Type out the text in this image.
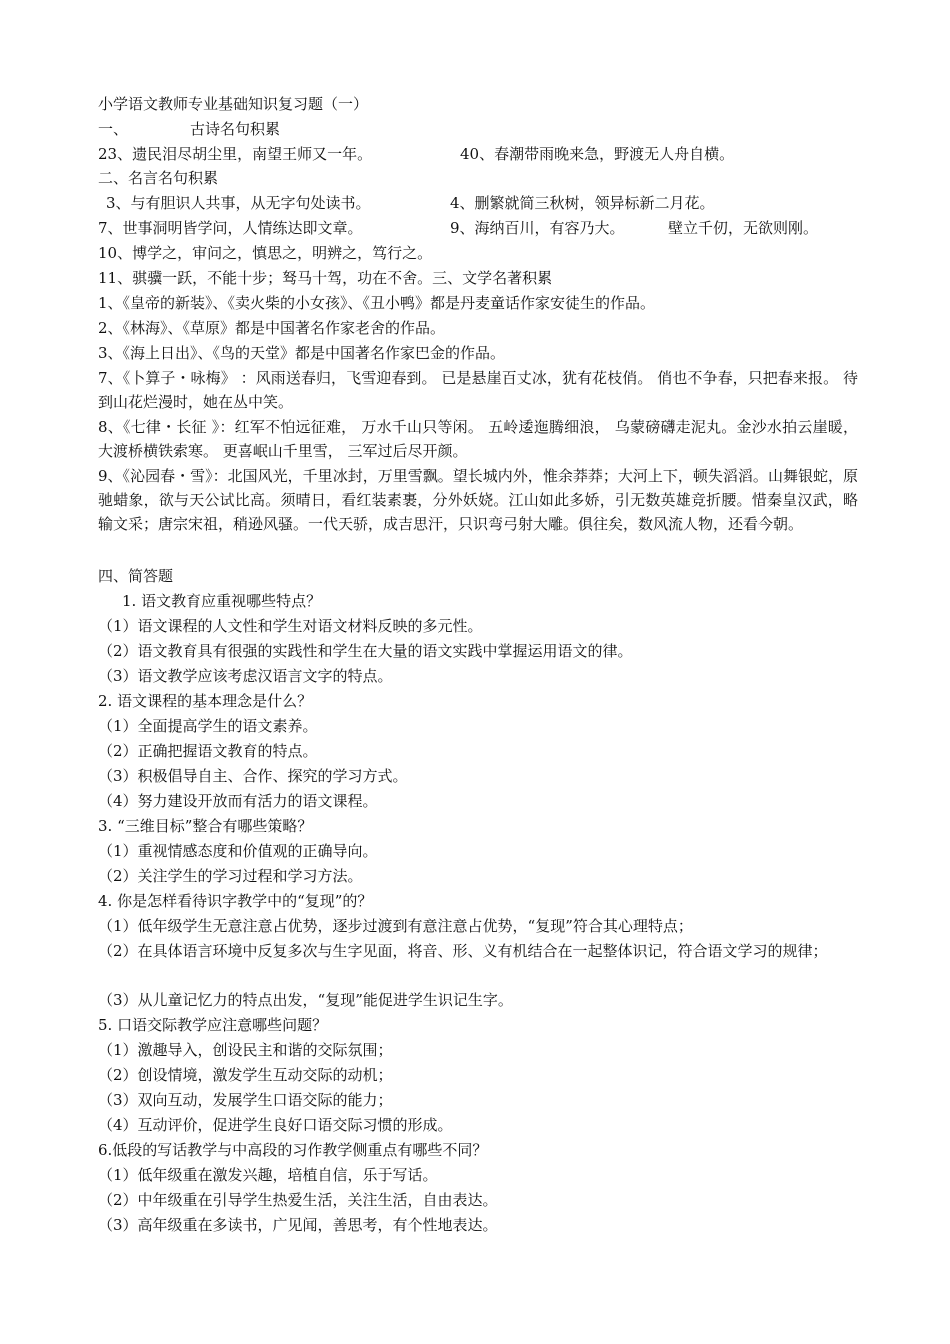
小学语文教师专业基础知识复习题（一）
一、	古诗名句积累
23、遗民泪尽胡尘里，南望王师又一年。	40、春潮带雨晚来急，野渡无人舟自横。
二、名言名句积累
3、与有胆识人共事，从无字句处读书。	4、删繁就简三秋树，领异标新二月花。
7、世事洞明皆学问，人情练达即文章。	9、海纳百川，有容乃大。	壁立千仞，无欲则刚。
10、博学之，审问之，慎思之，明辨之，笃行之。
11、骐骥一跃，不能十步；驽马十驾，功在不舍。三、文学名著积累
1、《皇帝的新装》、《卖火柴的小女孩》、《丑小鸭》都是丹麦童话作家安徒生的作品。
2、《林海》、《草原》都是中国著名作家老舍的作品。
3、《海上日出》、《鸟的天堂》都是中国著名作家巴金的作品。
7、《卜算子・咏梅》 ：风雨送春归，飞雪迎春到。 已是悬崖百丈冰，犹有花枝俏。 俏也不争春，只把春来报。 待到山花烂漫时，她在丛中笑。
8、《七律・长征 》：红军不怕远征难， 万水千山只等闲。 五岭逶迤腾细浪， 乌蒙磅礴走泥丸。金沙水拍云崖暖， 大渡桥横铁索寒。 更喜岷山千里雪， 三军过后尽开颜。
9、《沁园春・雪》：北国风光，千里冰封，万里雪飘。望长城内外，惟余莽莽；大河上下，顿失滔滔。山舞银蛇，原驰蜡象，欲与天公试比高。须晴日，看红装素裹，分外妖娆。江山如此多娇，引无数英雄竞折腰。惜秦皇汉武，略输文采；唐宗宋祖，稍逊风骚。一代天骄，成吉思汗，只识弯弓射大雕。俱往矣，数风流人物，还看今朝。
四、简答题
1. 语文教育应重视哪些特点？
（1）语文课程的人文性和学生对语文材料反映的多元性。
（2）语文教育具有很强的实践性和学生在大量的语文实践中掌握运用语文的律。
（3）语文教学应该考虑汉语言文字的特点。
2. 语文课程的基本理念是什么？
（1）全面提高学生的语文素养。
（2）正确把握语文教育的特点。
（3）积极倡导自主、合作、探究的学习方式。
（4）努力建设开放而有活力的语文课程。
3. “三维目标”整合有哪些策略？
（1）重视情感态度和价值观的正确导向。
（2）关注学生的学习过程和学习方法。
4. 你是怎样看待识字教学中的“复现”的？
（1）低年级学生无意注意占优势，逐步过渡到有意注意占优势，“复现”符合其心理特点；
（2）在具体语言环境中反复多次与生字见面，将音、形、义有机结合在一起整体识记，符合语文学习的规律；
（3）从儿童记忆力的特点出发，“复现”能促进学生识记生字。
5. 口语交际教学应注意哪些问题？
（1）激趣导入，创设民主和谐的交际氛围；
（2）创设情境，激发学生互动交际的动机；
（3）双向互动，发展学生口语交际的能力；
（4）互动评价，促进学生良好口语交际习惯的形成。
6.低段的写话教学与中高段的习作教学侧重点有哪些不同？
（1）低年级重在激发兴趣，培植自信，乐于写话。
（2）中年级重在引导学生热爱生活，关注生活，自由表达。
（3）高年级重在多读书，广见闻，善思考，有个性地表达。
